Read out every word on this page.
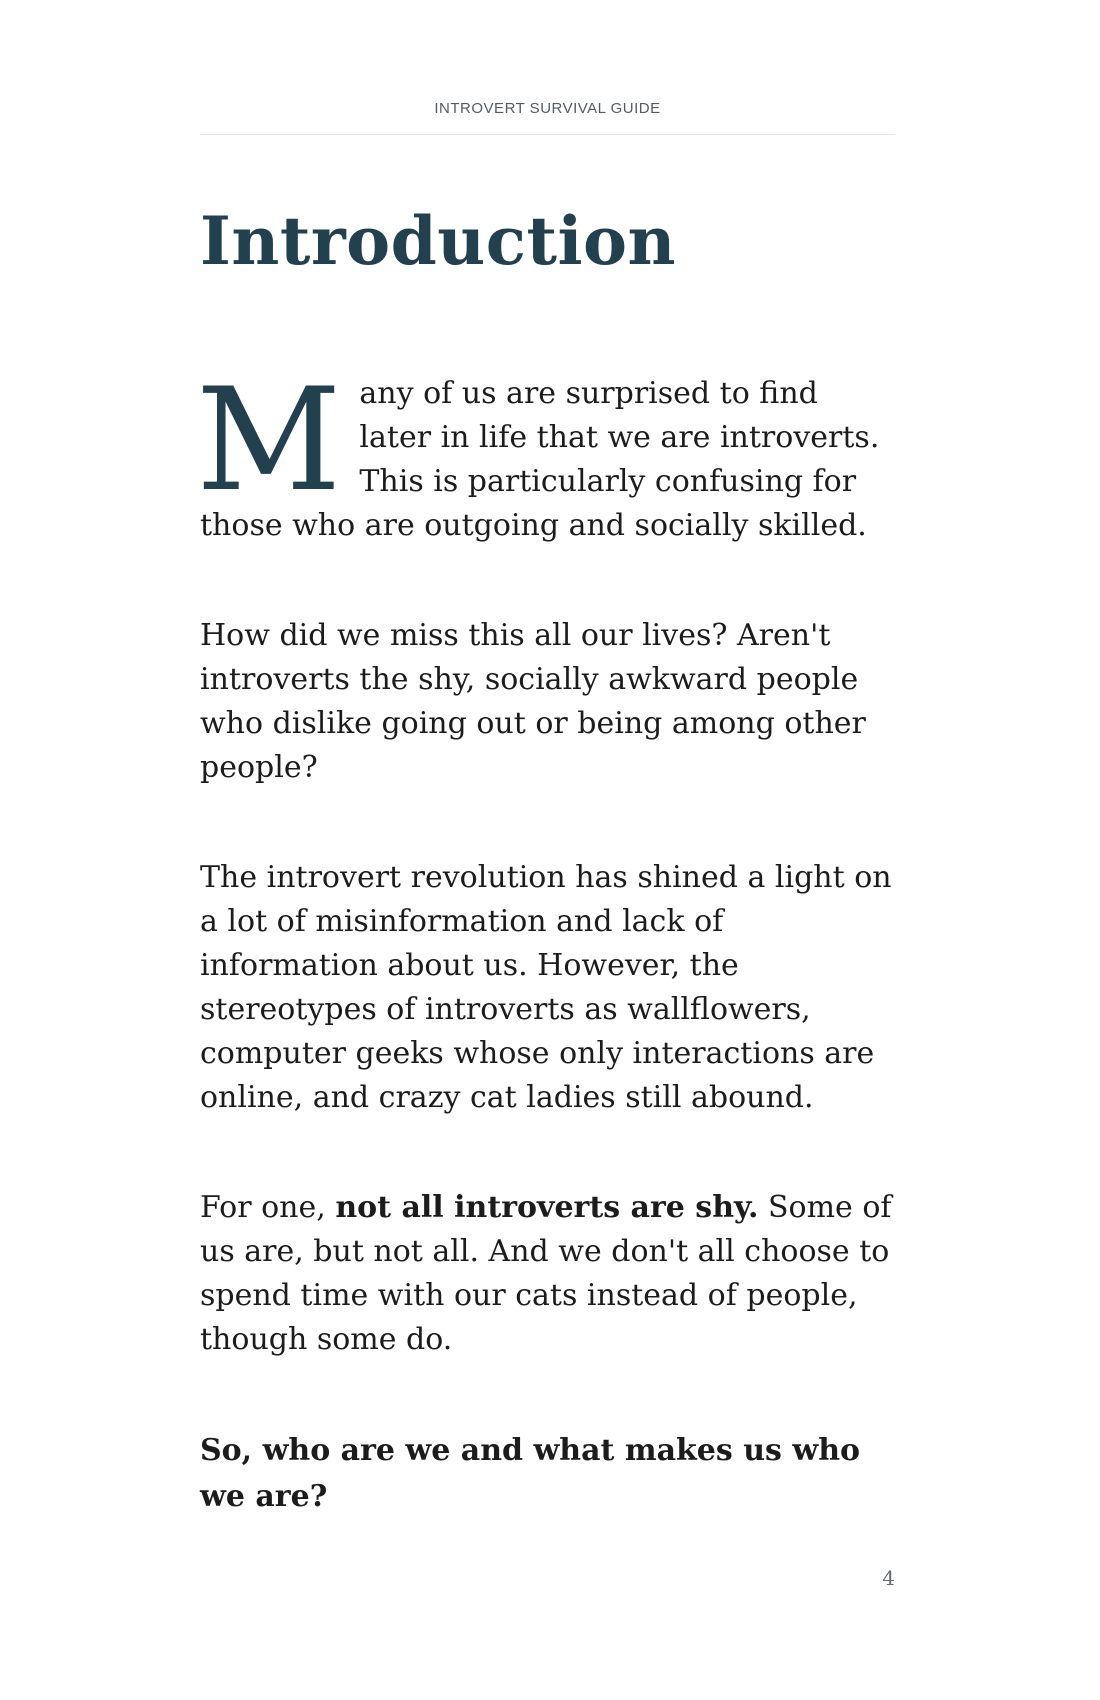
INTROVERT SURVIVAL GUIDE
Introduction

Many of us are surprised to find later in life that we are introverts. This is particularly confusing for those who are outgoing and socially skilled.

How did we miss this all our lives? Aren't introverts the shy, socially awkward people who dislike going out or being among other people?

The introvert revolution has shined a light on a lot of misinformation and lack of information about us. However, the stereotypes of introverts as wallflowers, computer geeks whose only interactions are online, and crazy cat ladies still abound.

For one, not all introverts are shy. Some of us are, but not all. And we don't all choose to spend time with our cats instead of people, though some do.

So, who are we and what makes us who we are?

4
